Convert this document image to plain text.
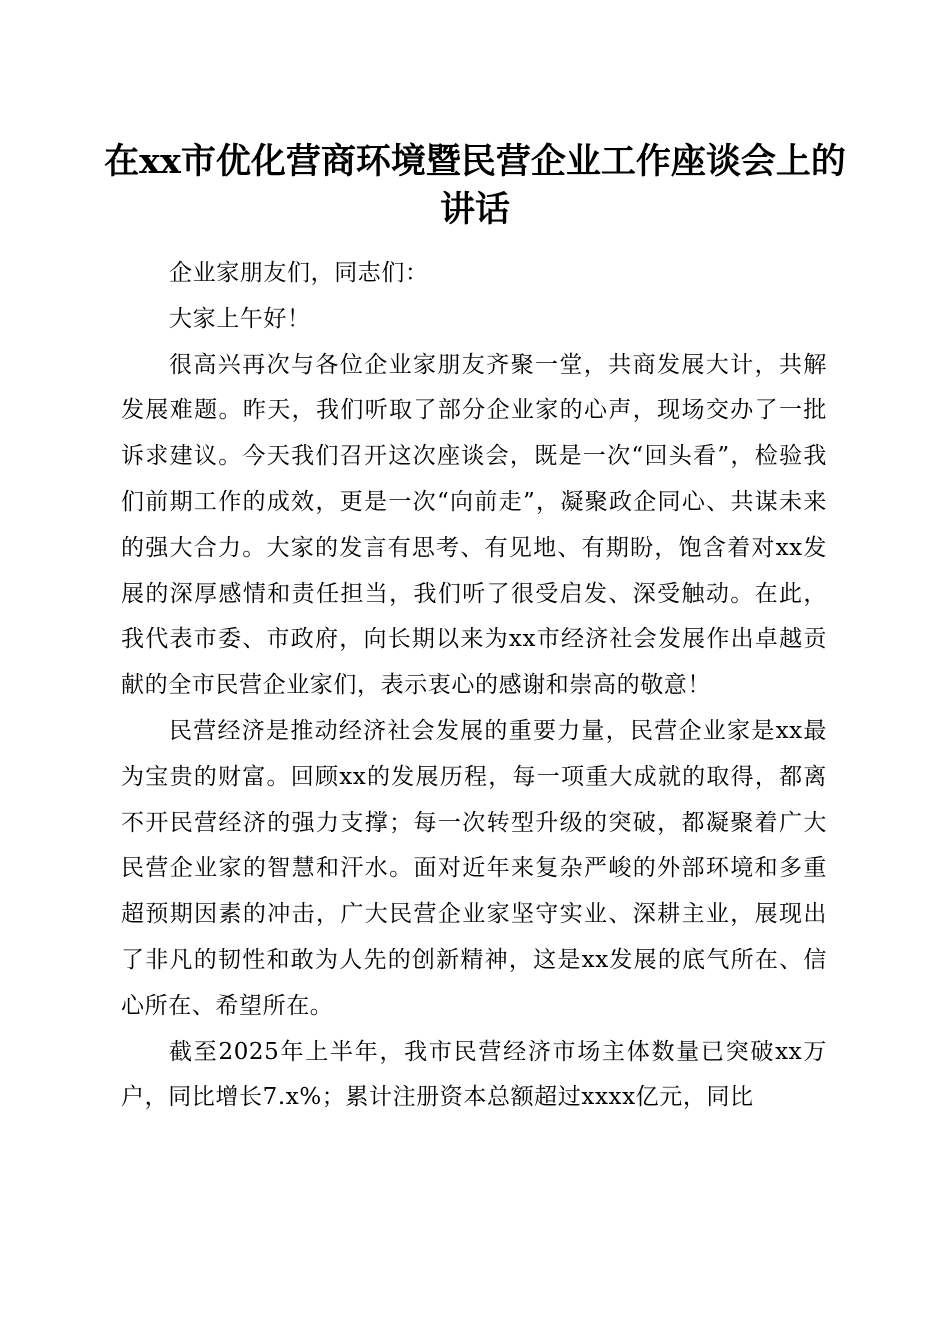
在xx市优化营商环境暨民营企业工作座谈会上的讲话

企业家朋友们，同志们：

大家上午好！

很高兴再次与各位企业家朋友齐聚一堂，共商发展大计，共解发展难题。昨天，我们听取了部分企业家的心声，现场交办了一批诉求建议。今天我们召开这次座谈会，既是一次“回头看”，检验我们前期工作的成效，更是一次“向前走”，凝聚政企同心、共谋未来的强大合力。大家的发言有思考、有见地、有期盼，饱含着对xx发展的深厚感情和责任担当，我们听了很受启发、深受触动。在此，我代表市委、市政府，向长期以来为xx市经济社会发展作出卓越贡献的全市民营企业家们，表示衷心的感谢和崇高的敬意！

民营经济是推动经济社会发展的重要力量，民营企业家是xx最为宝贵的财富。回顾xx的发展历程，每一项重大成就的取得，都离不开民营经济的强力支撑；每一次转型升级的突破，都凝聚着广大民营企业家的智慧和汗水。面对近年来复杂严峻的外部环境和多重超预期因素的冲击，广大民营企业家坚守实业、深耕主业，展现出了非凡的韧性和敢为人先的创新精神，这是xx发展的底气所在、信心所在、希望所在。

截至2025年上半年，我市民营经济市场主体数量已突破xx万户，同比增长7.x%；累计注册资本总额超过xxxx亿元，同比
